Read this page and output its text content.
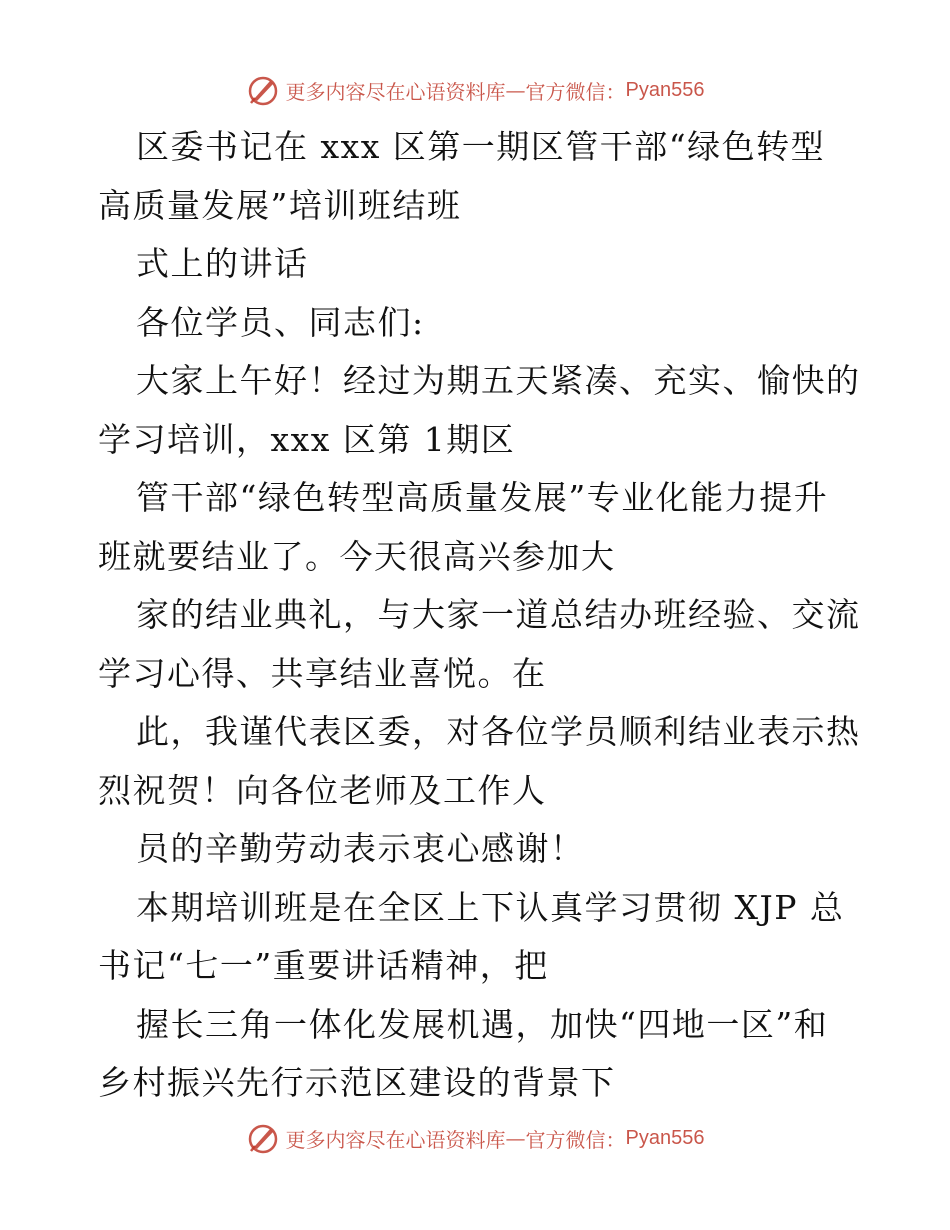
更多内容尽在心语资料库 — 官方微信： Pyan556
区委书记在 xxx 区第一期区管干部“绿色转型
高质量发展”培训班结班
式上的讲话
各位学员、同志们:
大家上午好！经过为期五天紧凑、充实、愉快的
学习培训，xxx 区第 1期区
管干部“绿色转型高质量发展”专业化能力提升
班就要结业了。今天很高兴参加大
家的结业典礼，与大家一道总结办班经验、交流
学习心得、共享结业喜悦。在
此，我谨代表区委，对各位学员顺利结业表示热
烈祝贺！向各位老师及工作人
员的辛勤劳动表示衷心感谢！
本期培训班是在全区上下认真学习贯彻 XJP 总
书记“七一”重要讲话精神，把
握长三角一体化发展机遇，加快“四地一区”和
乡村振兴先行示范区建设的背景下
更多内容尽在心语资料库 — 官方微信： Pyan556
